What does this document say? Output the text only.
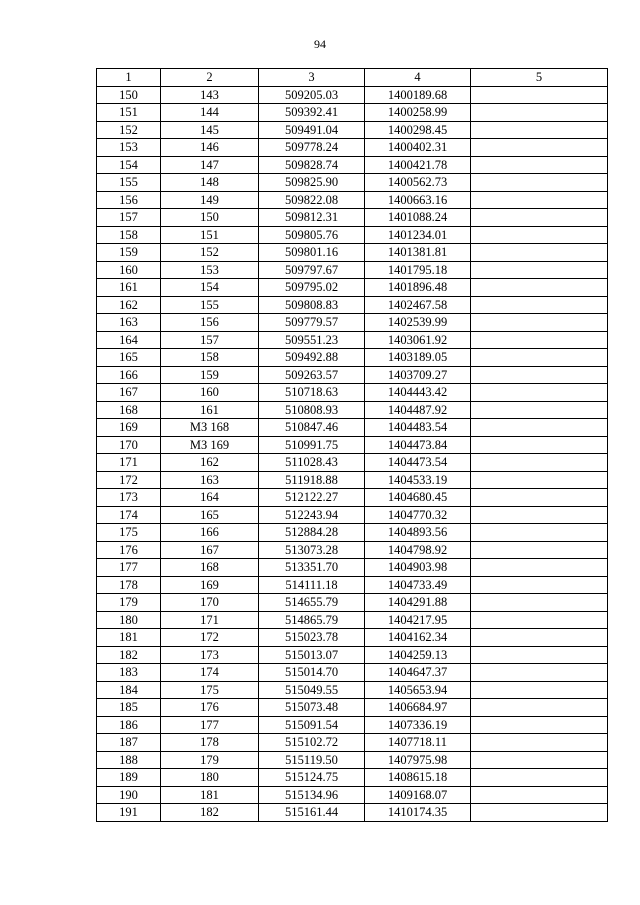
94
1	2	3	4	5
150	143	509205.03	1400189.68	
151	144	509392.41	1400258.99	
152	145	509491.04	1400298.45	
153	146	509778.24	1400402.31	
154	147	509828.74	1400421.78	
155	148	509825.90	1400562.73	
156	149	509822.08	1400663.16	
157	150	509812.31	1401088.24	
158	151	509805.76	1401234.01	
159	152	509801.16	1401381.81	
160	153	509797.67	1401795.18	
161	154	509795.02	1401896.48	
162	155	509808.83	1402467.58	
163	156	509779.57	1402539.99	
164	157	509551.23	1403061.92	
165	158	509492.88	1403189.05	
166	159	509263.57	1403709.27	
167	160	510718.63	1404443.42	
168	161	510808.93	1404487.92	
169	МЗ 168	510847.46	1404483.54	
170	МЗ 169	510991.75	1404473.84	
171	162	511028.43	1404473.54	
172	163	511918.88	1404533.19	
173	164	512122.27	1404680.45	
174	165	512243.94	1404770.32	
175	166	512884.28	1404893.56	
176	167	513073.28	1404798.92	
177	168	513351.70	1404903.98	
178	169	514111.18	1404733.49	
179	170	514655.79	1404291.88	
180	171	514865.79	1404217.95	
181	172	515023.78	1404162.34	
182	173	515013.07	1404259.13	
183	174	515014.70	1404647.37	
184	175	515049.55	1405653.94	
185	176	515073.48	1406684.97	
186	177	515091.54	1407336.19	
187	178	515102.72	1407718.11	
188	179	515119.50	1407975.98	
189	180	515124.75	1408615.18	
190	181	515134.96	1409168.07	
191	182	515161.44	1410174.35	
